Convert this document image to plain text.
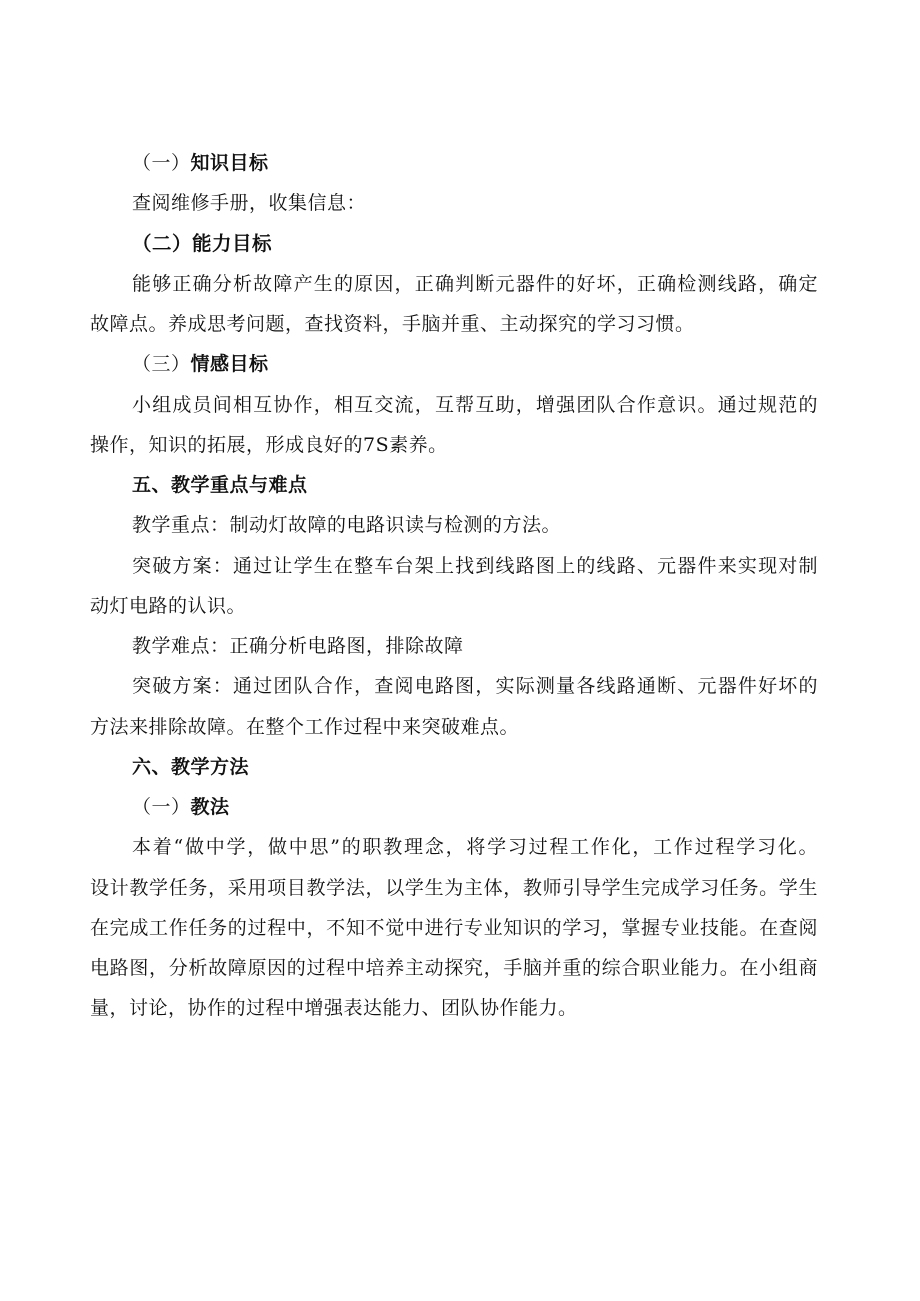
（一）知识目标
查阅维修手册，收集信息：
（二）能力目标
能够正确分析故障产生的原因，正确判断元器件的好坏，正确检测线路，确定
故障点。养成思考问题，查找资料，手脑并重、主动探究的学习习惯。
（三）情感目标
小组成员间相互协作，相互交流，互帮互助，增强团队合作意识。通过规范的
操作，知识的拓展，形成良好的7S素养。
五、教学重点与难点
教学重点：制动灯故障的电路识读与检测的方法。
突破方案：通过让学生在整车台架上找到线路图上的线路、元器件来实现对制
动灯电路的认识。
教学难点：正确分析电路图，排除故障
突破方案：通过团队合作，查阅电路图，实际测量各线路通断、元器件好坏的
方法来排除故障。在整个工作过程中来突破难点。
六、教学方法
（一）教法
本着“做中学，做中思”的职教理念，将学习过程工作化，工作过程学习化。
设计教学任务，采用项目教学法，以学生为主体，教师引导学生完成学习任务。学生
在完成工作任务的过程中，不知不觉中进行专业知识的学习，掌握专业技能。在查阅
电路图，分析故障原因的过程中培养主动探究，手脑并重的综合职业能力。在小组商
量，讨论，协作的过程中增强表达能力、团队协作能力。
